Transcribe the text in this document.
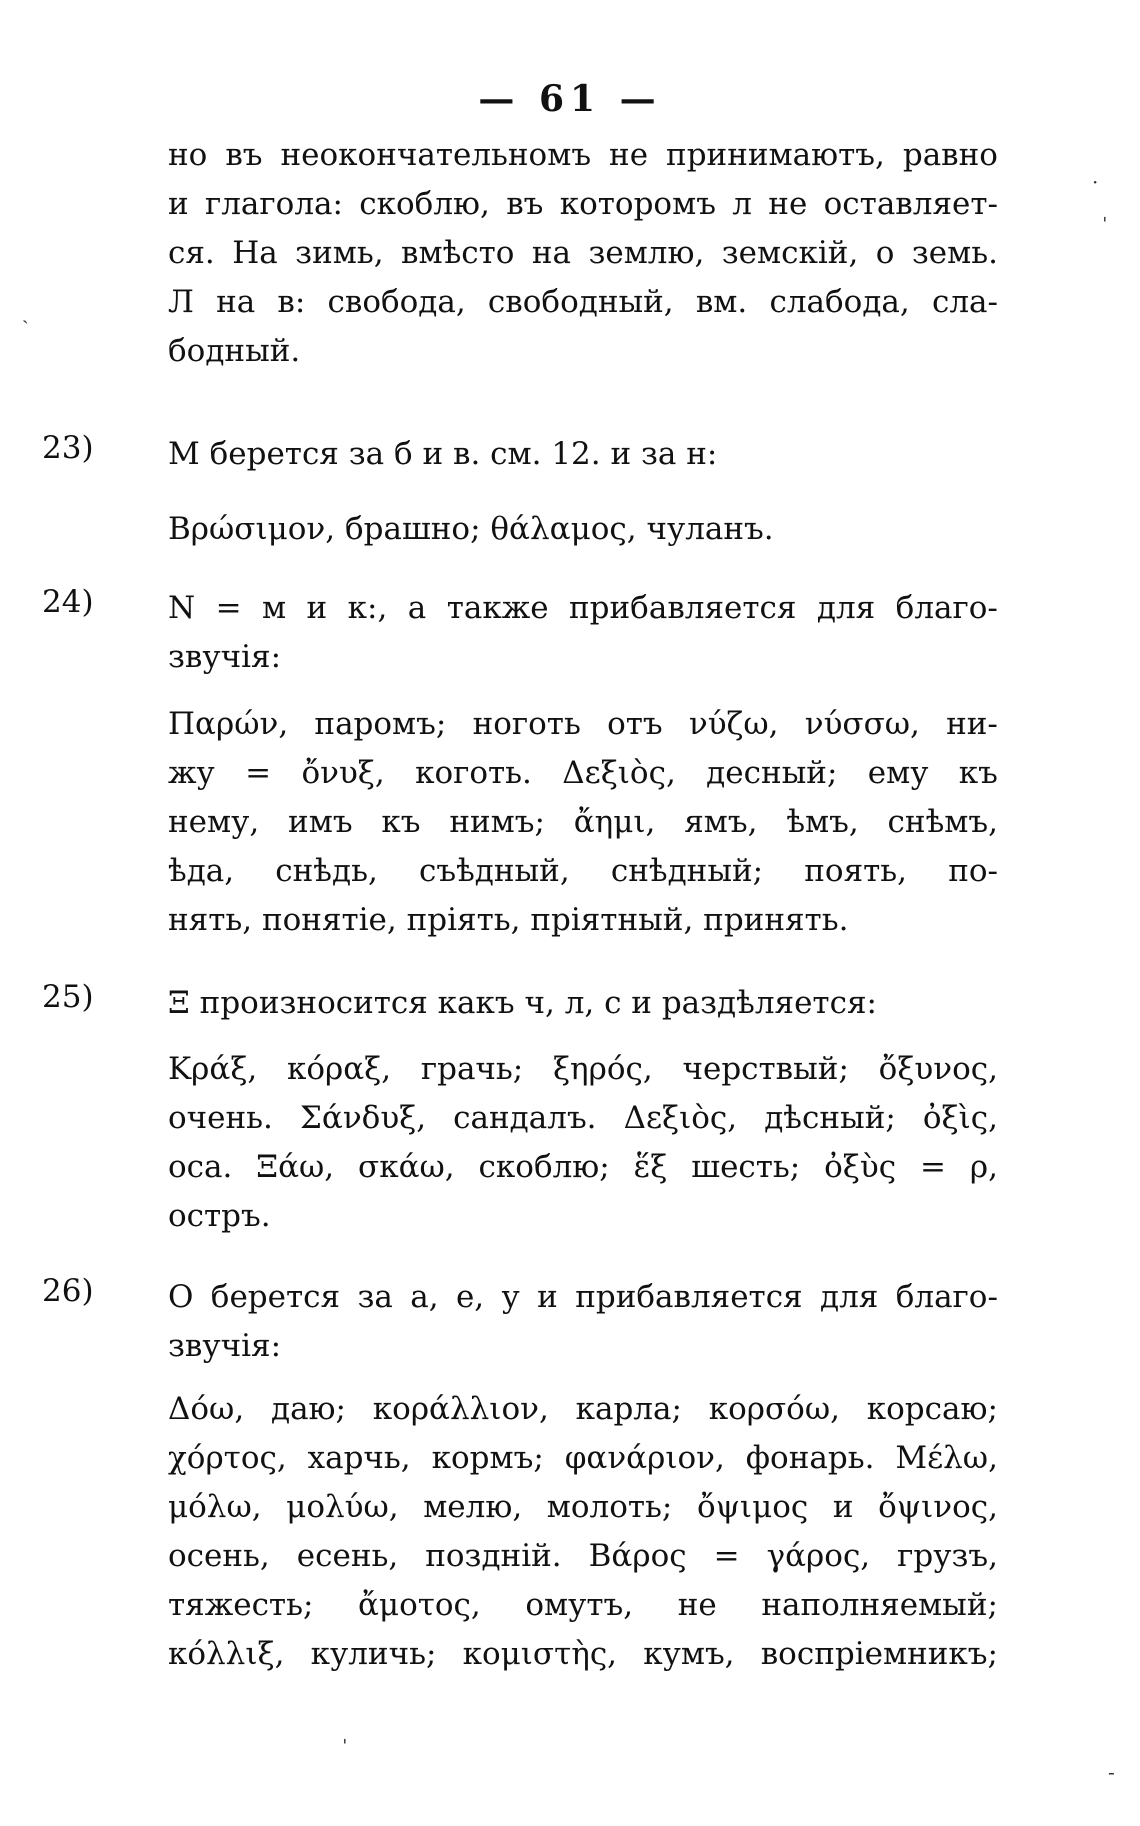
— 61 —
но въ неокончательномъ не принимаютъ, равно
и глагола: скоблю, въ которомъ л не оставляет-
ся. На зимь, вмѣсто на землю, земскій, о земь.
Л на в: свобода, свободный, вм. слабода, сла-
бодный.
23) М берется за б и в. см. 12. и за н:
Βρώσιμον, брашно; θάλαμος, чуланъ.
24) N = м и к:, а также прибавляется для благо-
звучія:
Παρών, паромъ; ноготь отъ νύζω, νύσσω, ни-
жу = ὄνυξ, коготь. Δεξιὸς, десный; ему къ
нему, имъ къ нимъ; ἄημι, ямъ, ѣмъ, снѣмъ,
ѣда, снѣдь, съѣдный, снѣдный; поять, по-
нять, понятіе, пріять, пріятный, принять.
25) Ξ произносится какъ ч, л, с и раздѣляется:
Κράξ, κόραξ, грачь; ξηρός, черствый; ὄξυνος,
очень. Σάνδυξ, сандалъ. Δεξιὸς, дѣсный; ὀξὶς,
оса. Ξάω, σκάω, скоблю; ἕξ шесть; ὀξὺς = ρ,
остръ.
26) О берется за а, е, у и прибавляется для благо-
звучія:
Δόω, даю; κοράλλιον, карла; κορσόω, корсаю;
χόρτος, харчь, кормъ; φανάριον, фонарь. Μέλω,
μόλω, μολύω, мелю, молоть; ὄψιμος и ὄψινος,
осень, есень, поздній. Βάρος = γάρος, грузъ,
тяжесть; ἄμοτος, омутъ, не наполняемый;
κόλλιξ, куличь; κομιστὴς, кумъ, воспріемникъ;
·
ˌ
ˏ
ˈ
-
